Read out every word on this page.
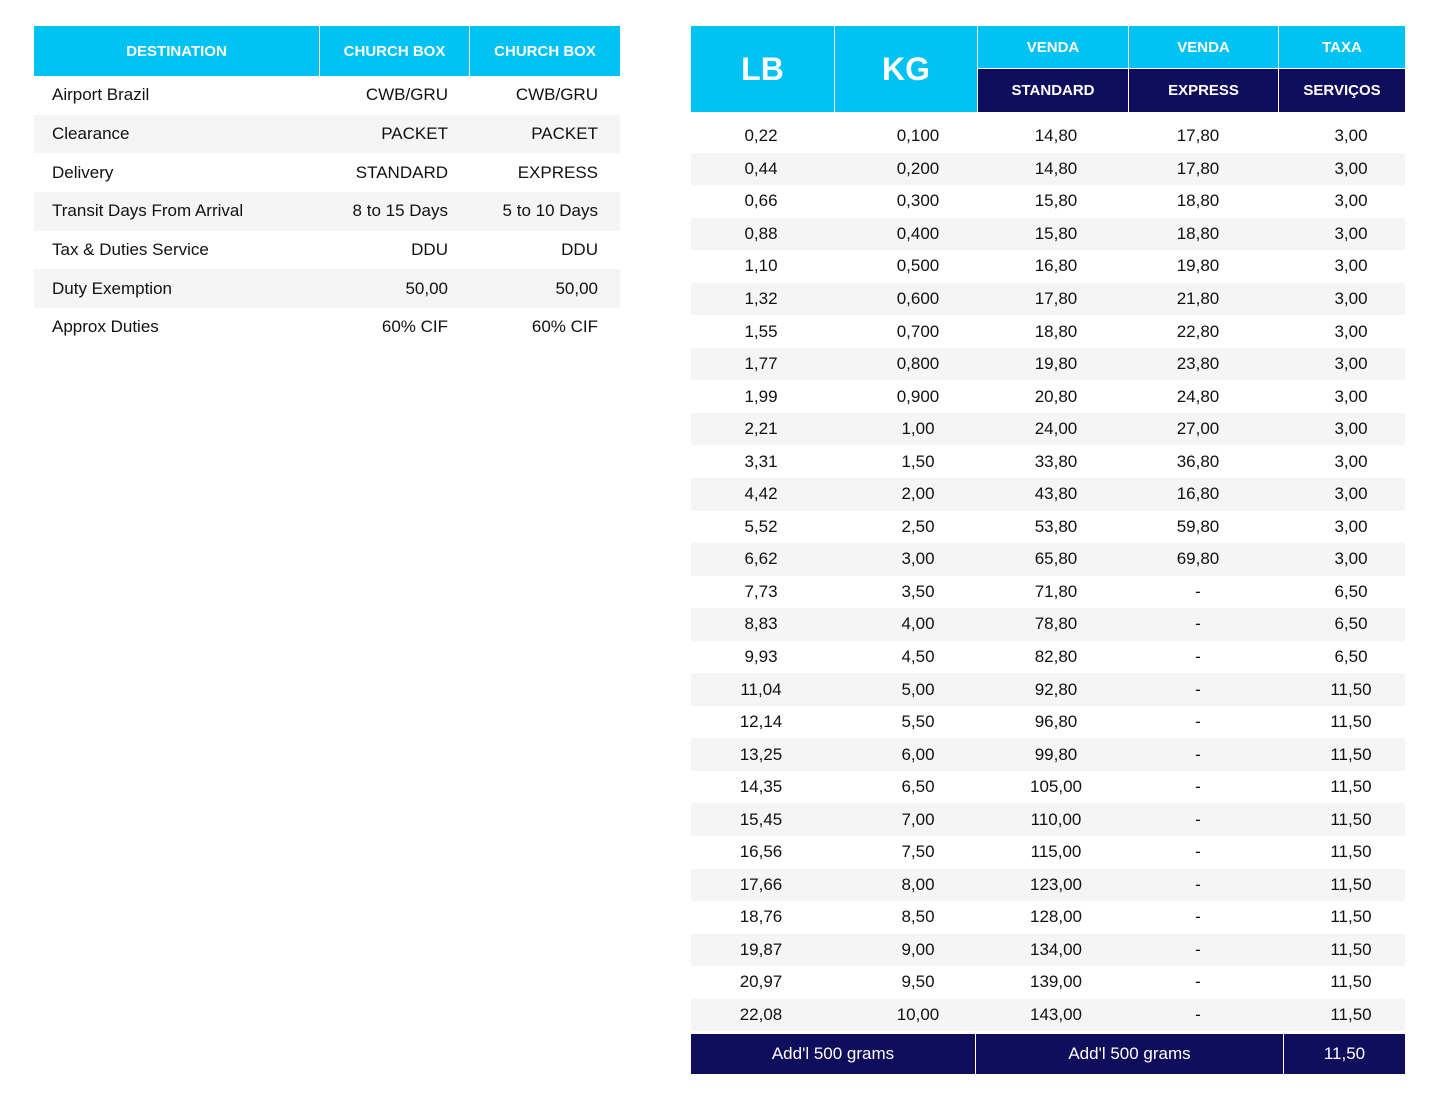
DESTINATION	CHURCH BOX	CHURCH BOX
Airport Brazil	CWB/GRU	CWB/GRU
Clearance	PACKET	PACKET
Delivery	STANDARD	EXPRESS
Transit Days From Arrival	8 to 15 Days	5 to 10 Days
Tax & Duties Service	DDU	DDU
Duty Exemption	50,00	50,00
Approx Duties	60% CIF	60% CIF
LB	KG
VENDA	VENDA	TAXA
STANDARD	EXPRESS	SERVIÇOS
0,22	0,100	14,80	17,80	3,00
0,44	0,200	14,80	17,80	3,00
0,66	0,300	15,80	18,80	3,00
0,88	0,400	15,80	18,80	3,00
1,10	0,500	16,80	19,80	3,00
1,32	0,600	17,80	21,80	3,00
1,55	0,700	18,80	22,80	3,00
1,77	0,800	19,80	23,80	3,00
1,99	0,900	20,80	24,80	3,00
2,21	1,00	24,00	27,00	3,00
3,31	1,50	33,80	36,80	3,00
4,42	2,00	43,80	16,80	3,00
5,52	2,50	53,80	59,80	3,00
6,62	3,00	65,80	69,80	3,00
7,73	3,50	71,80	-	6,50
8,83	4,00	78,80	-	6,50
9,93	4,50	82,80	-	6,50
11,04	5,00	92,80	-	11,50
12,14	5,50	96,80	-	11,50
13,25	6,00	99,80	-	11,50
14,35	6,50	105,00	-	11,50
15,45	7,00	110,00	-	11,50
16,56	7,50	115,00	-	11,50
17,66	8,00	123,00	-	11,50
18,76	8,50	128,00	-	11,50
19,87	9,00	134,00	-	11,50
20,97	9,50	139,00	-	11,50
22,08	10,00	143,00	-	11,50
Add'l 500 grams	Add'l 500 grams	11,50
